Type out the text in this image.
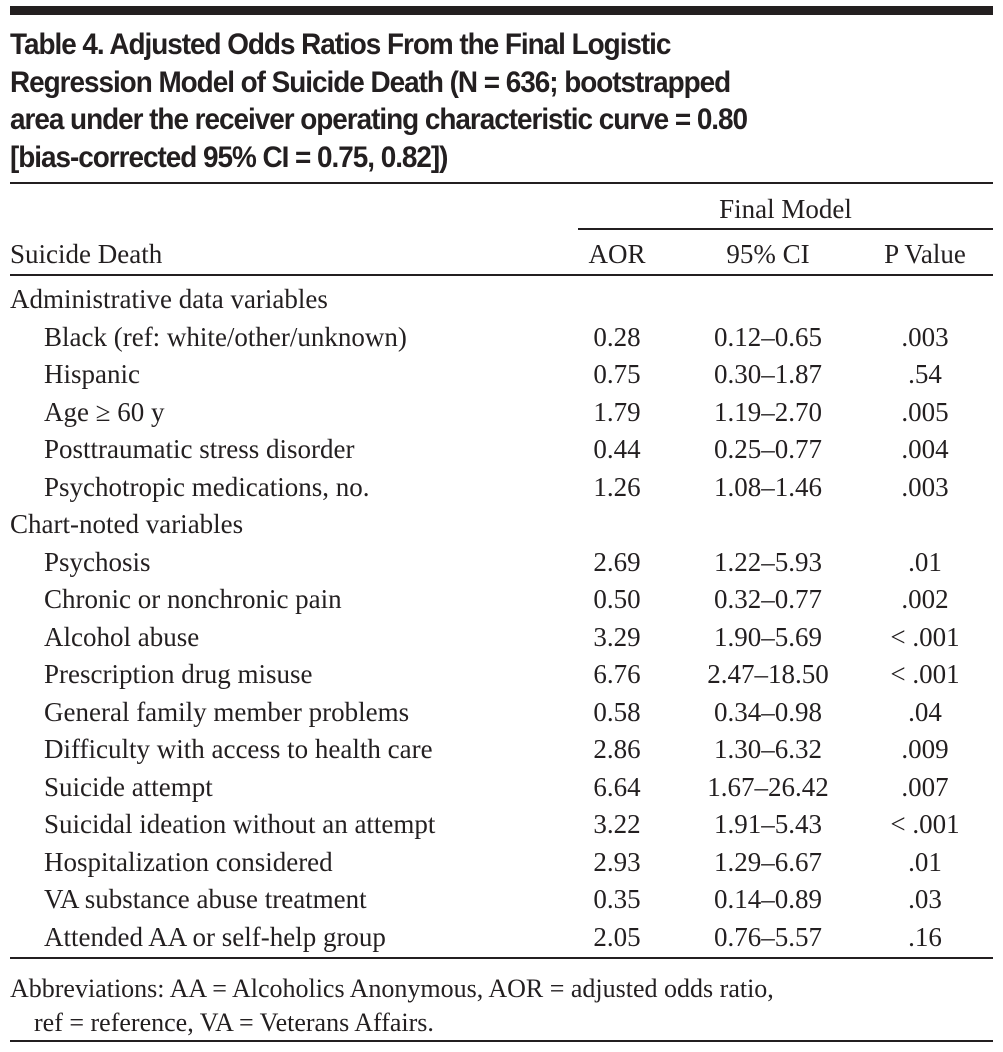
Table 4. Adjusted Odds Ratios From the Final Logistic
Regression Model of Suicide Death (N = 636; bootstrapped
area under the receiver operating characteristic curve = 0.80
[bias-corrected 95% CI = 0.75, 0.82])
Final Model
Suicide Death	AOR	95% CI	P Value
Administrative data variables
Black (ref: white/other/unknown)	0.28	0.12–0.65	.003
Hispanic	0.75	0.30–1.87	.54
Age ≥ 60 y	1.79	1.19–2.70	.005
Posttraumatic stress disorder	0.44	0.25–0.77	.004
Psychotropic medications, no.	1.26	1.08–1.46	.003
Chart-noted variables
Psychosis	2.69	1.22–5.93	.01
Chronic or nonchronic pain	0.50	0.32–0.77	.002
Alcohol abuse	3.29	1.90–5.69	< .001
Prescription drug misuse	6.76	2.47–18.50	< .001
General family member problems	0.58	0.34–0.98	.04
Difficulty with access to health care	2.86	1.30–6.32	.009
Suicide attempt	6.64	1.67–26.42	.007
Suicidal ideation without an attempt	3.22	1.91–5.43	< .001
Hospitalization considered	2.93	1.29–6.67	.01
VA substance abuse treatment	0.35	0.14–0.89	.03
Attended AA or self-help group	2.05	0.76–5.57	.16
Abbreviations: AA = Alcoholics Anonymous, AOR = adjusted odds ratio,
ref = reference, VA = Veterans Affairs.
